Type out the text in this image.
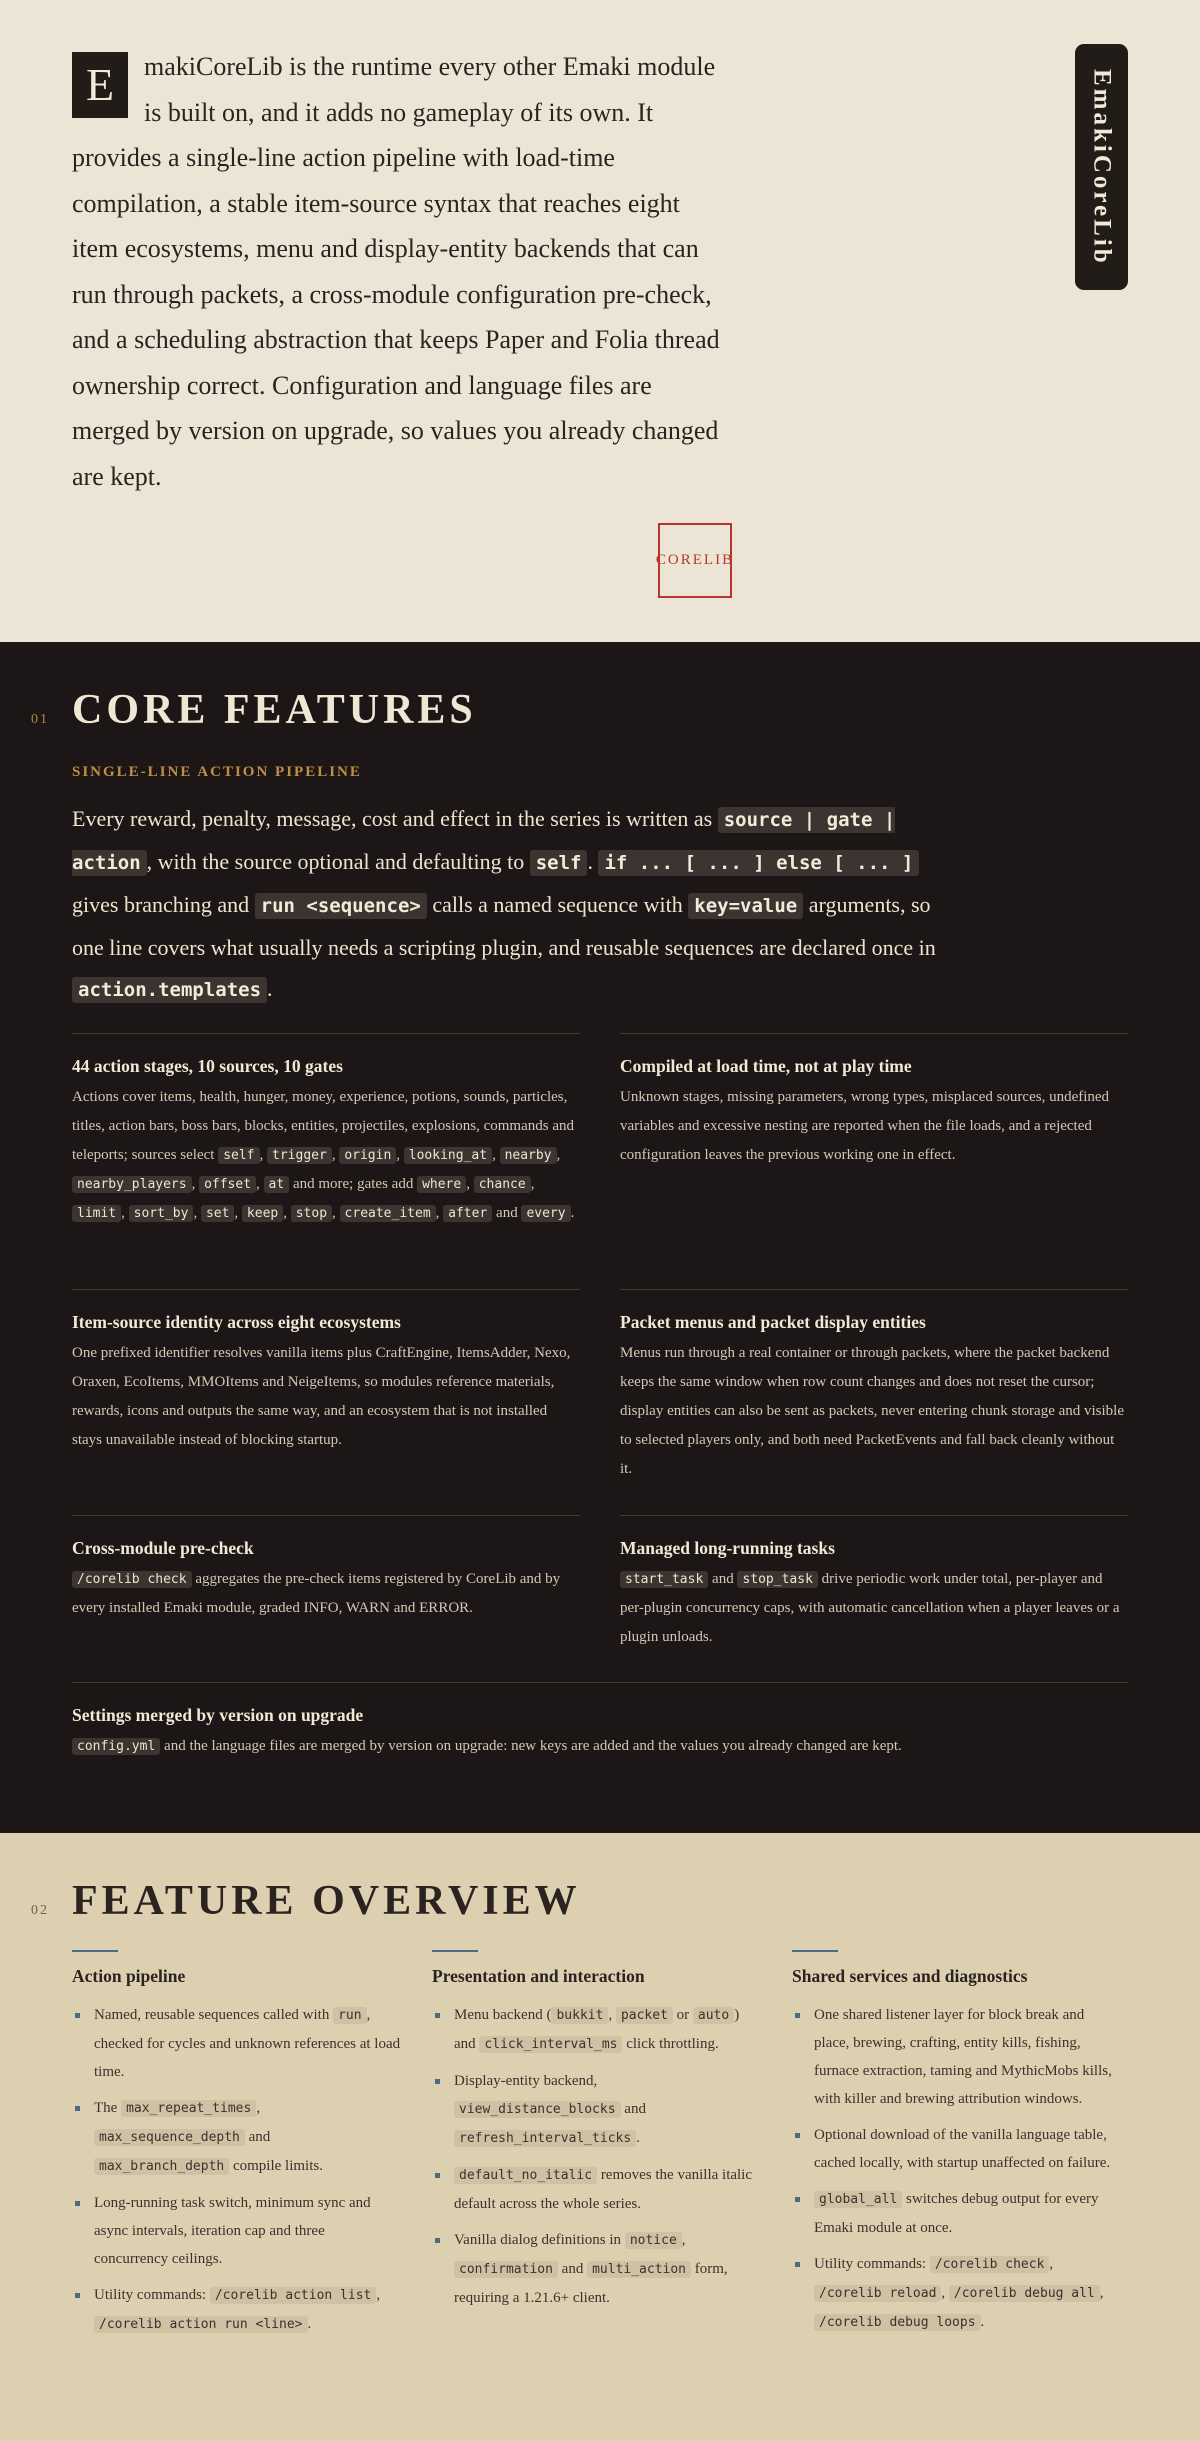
E	makiCoreLib is the runtime every other Emaki module is built on, and it adds no gameplay of its own. It provides a single-line action pipeline with load-time compilation, a stable item-source syntax that reaches eight item ecosystems, menu and display-entity backends that can run through packets, a cross-module configuration pre-check, and a scheduling abstraction that keeps Paper and Folia thread ownership correct. Configuration and language files are merged by version on upgrade, so values you already changed are kept.
EmakiCoreLib
CORELIB
01 CORE FEATURES
SINGLE-LINE ACTION PIPELINE

Every reward, penalty, message, cost and effect in the series is written as source | gate | action , with the source optional and defaulting to self . if ... [ ... ] else [ ... ] gives branching and run <sequence> calls a named sequence with key=value arguments, so one line covers what usually needs a scripting plugin, and reusable sequences are declared once in action.templates .

44 action stages, 10 sources, 10 gates

Actions cover items, health, hunger, money, experience, potions, sounds, particles, titles, action bars, boss bars, blocks, entities, projectiles, explosions, commands and teleports; sources select self , trigger , origin , looking_at , nearby , nearby_players , offset , at and more; gates add where , chance , limit , sort_by , set , keep , stop , create_item , after and every .

Compiled at load time, not at play time

Unknown stages, missing parameters, wrong types, misplaced sources, undefined variables and excessive nesting are reported when the file loads, and a rejected configuration leaves the previous working one in effect.

Item-source identity across eight ecosystems

One prefixed identifier resolves vanilla items plus CraftEngine, ItemsAdder, Nexo, Oraxen, EcoItems, MMOItems and NeigeItems, so modules reference materials, rewards, icons and outputs the same way, and an ecosystem that is not installed stays unavailable instead of blocking startup.

Packet menus and packet display entities

Menus run through a real container or through packets, where the packet backend keeps the same window when row count changes and does not reset the cursor; display entities can also be sent as packets, never entering chunk storage and visible to selected players only, and both need PacketEvents and fall back cleanly without it.

Cross-module pre-check

/corelib check aggregates the pre-check items registered by CoreLib and by every installed Emaki module, graded INFO, WARN and ERROR.

Managed long-running tasks

start_task and stop_task drive periodic work under total, per-player and per-plugin concurrency caps, with automatic cancellation when a player leaves or a plugin unloads.

Settings merged by version on upgrade

config.yml and the language files are merged by version on upgrade: new keys are added and the values you already changed are kept.

02 FEATURE OVERVIEW
Action pipeline
Named, reusable sequences called with run , checked for cycles and unknown references at load time.
The max_repeat_times , max_sequence_depth and max_branch_depth compile limits.
Long-running task switch, minimum sync and async intervals, iteration cap and three concurrency ceilings.
Utility commands: /corelib action list , /corelib action run <line> .
Presentation and interaction
Menu backend ( bukkit , packet or auto ) and click_interval_ms click throttling.
Display-entity backend, view_distance_blocks and refresh_interval_ticks .
default_no_italic removes the vanilla italic default across the whole series.
Vanilla dialog definitions in notice , confirmation and multi_action form, requiring a 1.21.6+ client.
Shared services and diagnostics
One shared listener layer for block break and place, brewing, crafting, entity kills, fishing, furnace extraction, taming and MythicMobs kills, with killer and brewing attribution windows.
Optional download of the vanilla language table, cached locally, with startup unaffected on failure.
global_all switches debug output for every Emaki module at once.
Utility commands: /corelib check , /corelib reload , /corelib debug all , /corelib debug loops .
